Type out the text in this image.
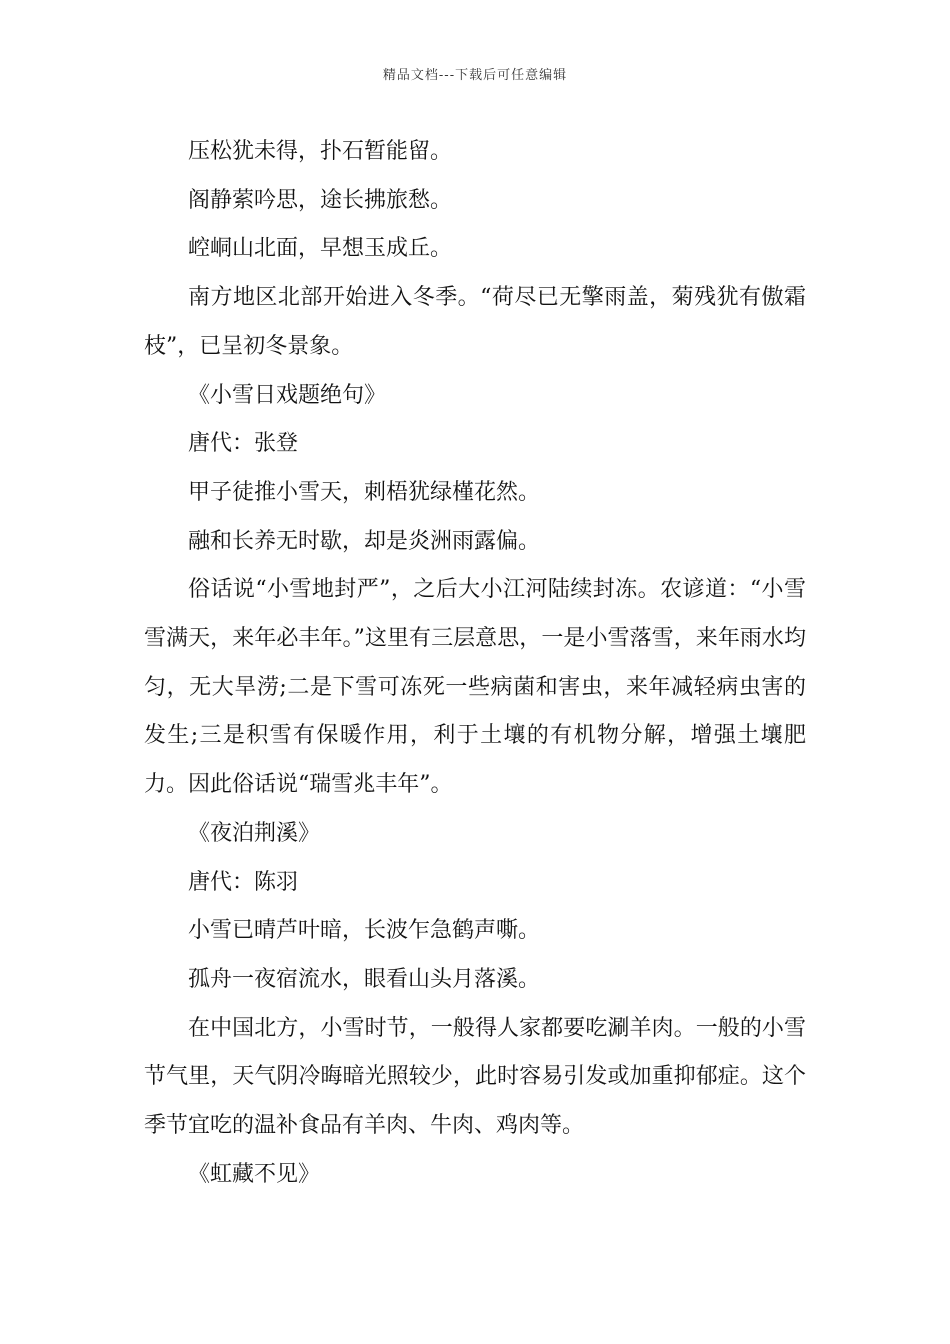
精品文档---下载后可任意编辑

压松犹未得，扑石暂能留。

阁静萦吟思，途长拂旅愁。

崆峒山北面，早想玉成丘。

南方地区北部开始进入冬季。“荷尽已无擎雨盖，菊残犹有傲霜枝”，已呈初冬景象。

《小雪日戏题绝句》

唐代：张登

甲子徒推小雪天，刺梧犹绿槿花然。

融和长养无时歇，却是炎洲雨露偏。

俗话说“小雪地封严”，之后大小江河陆续封冻。农谚道：“小雪雪满天，来年必丰年。”这里有三层意思，一是小雪落雪，来年雨水均匀，无大旱涝;二是下雪可冻死一些病菌和害虫，来年减轻病虫害的发生;三是积雪有保暖作用，利于土壤的有机物分解，增强土壤肥力。因此俗话说“瑞雪兆丰年”。

《夜泊荆溪》

唐代：陈羽

小雪已晴芦叶暗，长波乍急鹤声嘶。

孤舟一夜宿流水，眼看山头月落溪。

在中国北方，小雪时节，一般得人家都要吃涮羊肉。一般的小雪节气里，天气阴冷晦暗光照较少，此时容易引发或加重抑郁症。这个季节宜吃的温补食品有羊肉、牛肉、鸡肉等。

《虹藏不见》
